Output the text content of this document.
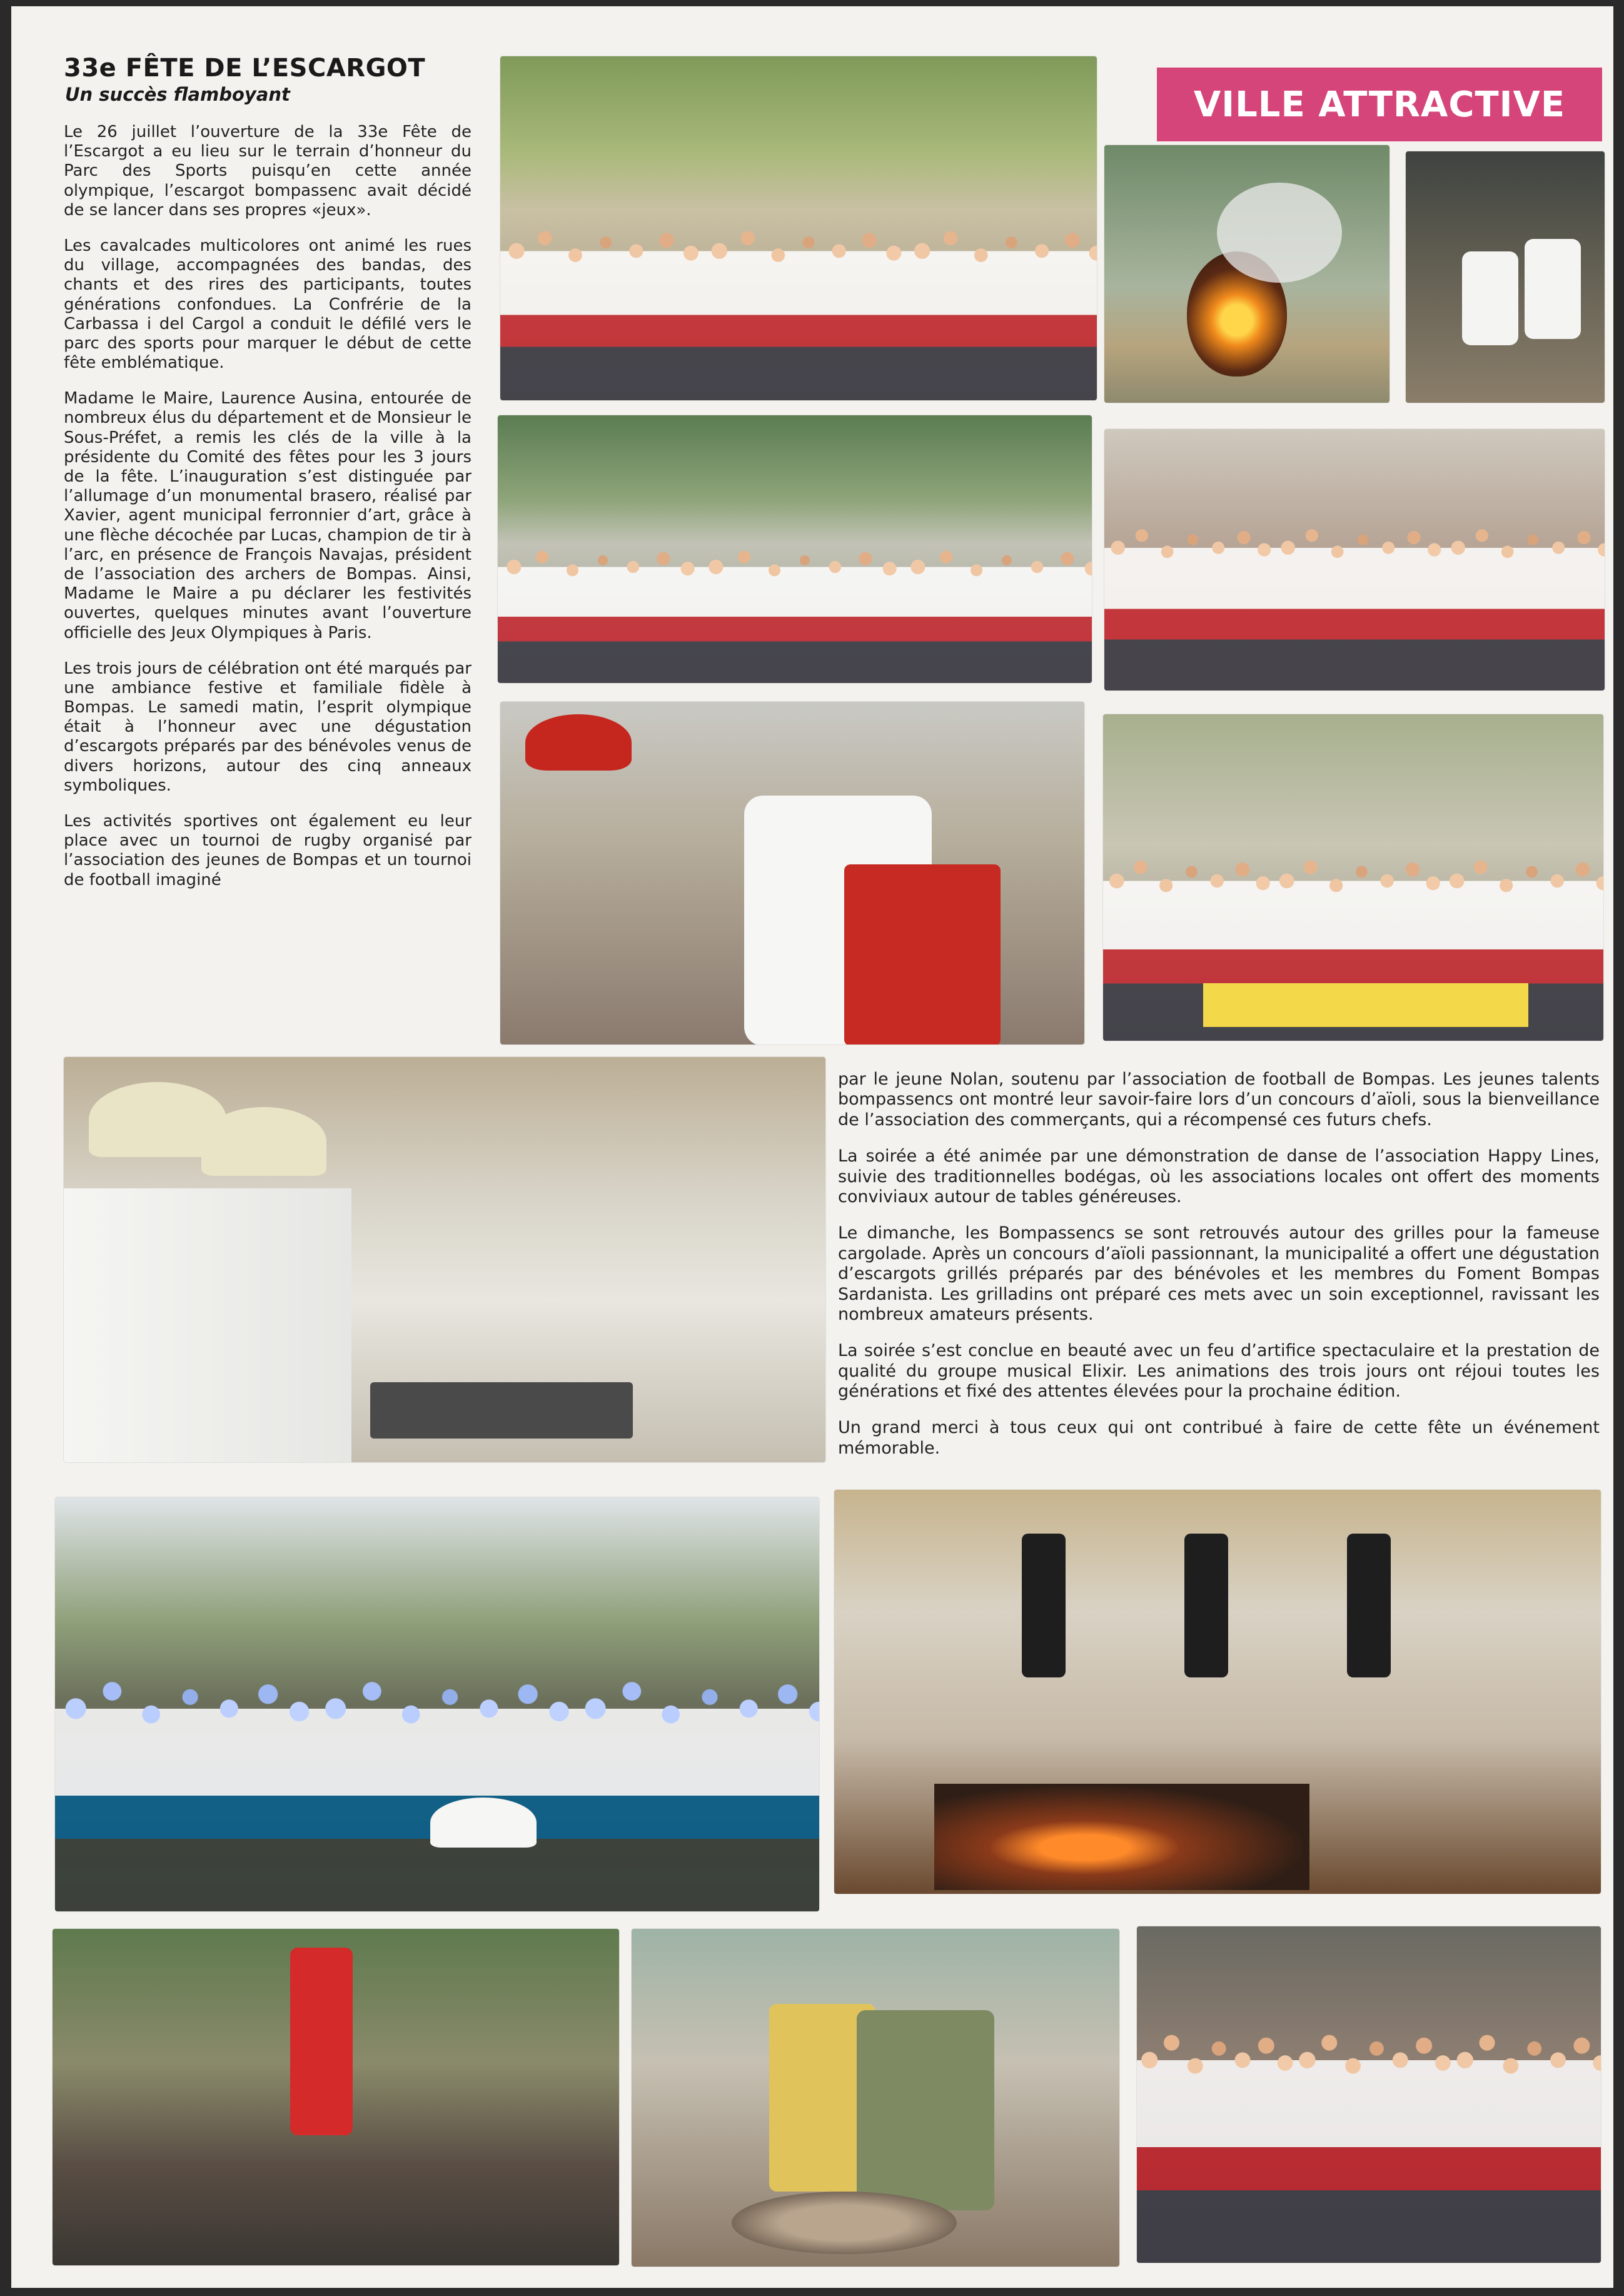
33e FÊTE DE L’ESCARGOT
Un succès flamboyant

Le 26 juillet l’ouverture de la 33e Fête de l’Escargot a eu lieu sur le terrain d’honneur du Parc des Sports puisqu’en cette année olympique, l’escargot bompassenc avait décidé de se lancer dans ses propres «jeux».

Les cavalcades multicolores ont animé les rues du village, accompagnées des bandas, des chants et des rires des participants, toutes générations confondues. La Confrérie de la Carbassa i del Cargol a conduit le défilé vers le parc des sports pour marquer le début de cette fête emblématique.

Madame le Maire, Laurence Ausina, entourée de nombreux élus du département et de Monsieur le Sous-Préfet, a remis les clés de la ville à la présidente du Comité des fêtes pour les 3 jours de la fête. L’inauguration s’est distinguée par l’allumage d’un monumental brasero, réalisé par Xavier, agent municipal ferronnier d’art, grâce à une flèche décochée par Lucas, champion de tir à l’arc, en présence de François Navajas, président de l’association des archers de Bompas. Ainsi, Madame le Maire a pu déclarer les festivités ouvertes, quelques minutes avant l’ouverture officielle des Jeux Olympiques à Paris.

Les trois jours de célébration ont été marqués par une ambiance festive et familiale fidèle à Bompas. Le samedi matin, l’esprit olympique était à l’honneur avec une dégustation d’escargots préparés par des bénévoles venus de divers horizons, autour des cinq anneaux symboliques.

Les activités sportives ont également eu leur place avec un tournoi de rugby organisé par l’association des jeunes de Bompas et un tournoi de football imaginé

VILLE ATTRACTIVE

par le jeune Nolan, soutenu par l’association de football de Bompas. Les jeunes talents bompassencs ont montré leur savoir-faire lors d’un concours d’aïoli, sous la bienveillance de l’association des commerçants, qui a récompensé ces futurs chefs.

La soirée a été animée par une démonstration de danse de l’association Happy Lines, suivie des traditionnelles bodégas, où les associations locales ont offert des moments conviviaux autour de tables généreuses.

Le dimanche, les Bompassencs se sont retrouvés autour des grilles pour la fameuse cargolade. Après un concours d’aïoli passionnant, la municipalité a offert une dégustation d’escargots grillés préparés par des bénévoles et les membres du Foment Bompas Sardanista. Les grilladins ont préparé ces mets avec un soin exceptionnel, ravissant les nombreux amateurs présents.

La soirée s’est conclue en beauté avec un feu d’artifice spectaculaire et la prestation de qualité du groupe musical Elixir. Les animations des trois jours ont réjoui toutes les générations et fixé des attentes élevées pour la prochaine édition.

Un grand merci à tous ceux qui ont contribué à faire de cette fête un événement mémorable.
